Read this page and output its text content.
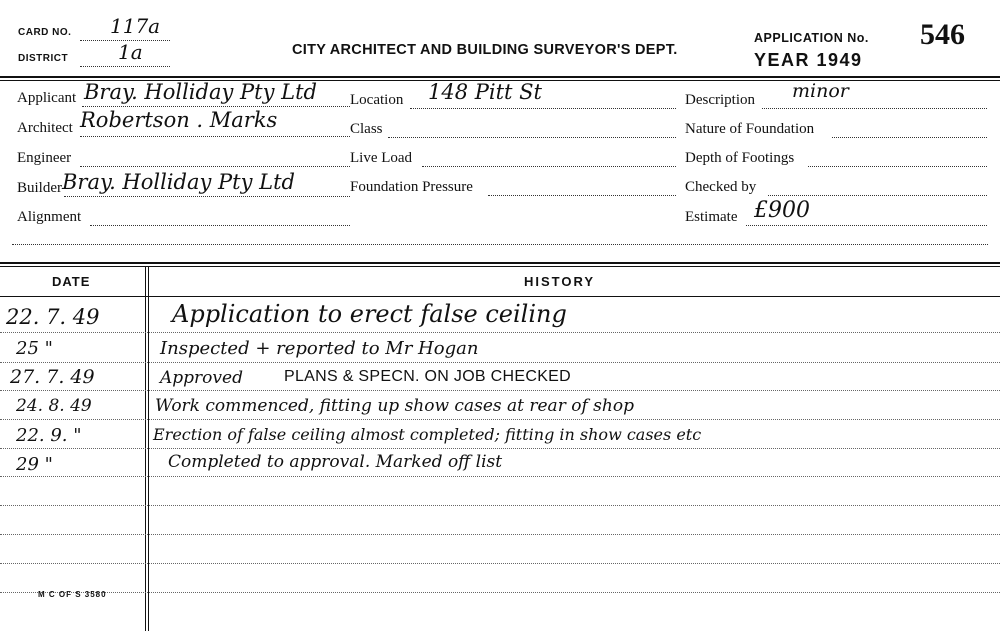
CARD NO. 117a
DISTRICT 1a	CITY ARCHITECT AND BUILDING SURVEYOR'S DEPT.
APPLICATION No. 546
YEAR 1949
Applicant Bray. Holliday Pty Ltd
Architect Robertson . Marks
Engineer
Builder Bray. Holliday Pty Ltd
Alignment
Location 148 Pitt St
Class
Live Load
Foundation Pressure
Description minor
Nature of Foundation
Depth of Footings
Checked by
Estimate £900
DATE	HISTORY
22. 7. 49	Application to erect false ceiling
25 "	Inspected + reported to Mr Hogan
27. 7. 49	Approved	PLANS & SPECN. ON JOB CHECKED
24. 8. 49	Work commenced, fitting up show cases at rear of shop
22. 9. "	Erection of false ceiling almost completed; fitting in show cases etc
29 "	Completed to approval. Marked off list
M C OF S 3580
